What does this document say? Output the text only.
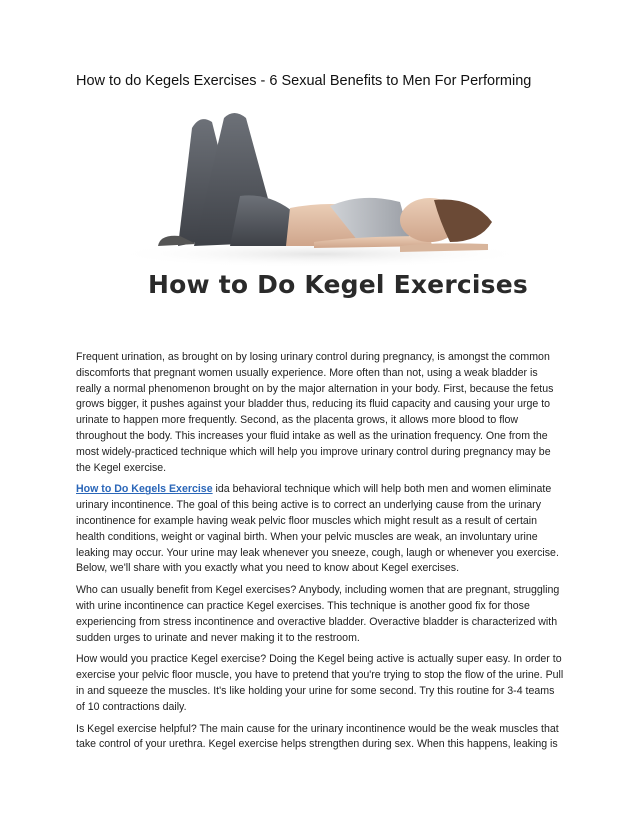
How to do Kegels Exercises - 6 Sexual Benefits to Men For Performing
How to Do Kegel Exercises

Frequent urination, as brought on by losing urinary control during pregnancy, is amongst the common discomforts that pregnant women usually experience. More often than not, using a weak bladder is really a normal phenomenon brought on by the major alternation in your body. First, because the fetus grows bigger, it pushes against your bladder thus, reducing its fluid capacity and causing your urge to urinate to happen more frequently. Second, as the placenta grows, it allows more blood to flow throughout the body. This increases your fluid intake as well as the urination frequency. One from the most widely-practiced technique which will help you improve urinary control during pregnancy may be the Kegel exercise.

How to Do Kegels Exercise ida behavioral technique which will help both men and women eliminate urinary incontinence. The goal of this being active is to correct an underlying cause from the urinary incontinence for example having weak pelvic floor muscles which might result as a result of certain health conditions, weight or vaginal birth. When your pelvic muscles are weak, an involuntary urine leaking may occur. Your urine may leak whenever you sneeze, cough, laugh or whenever you exercise. Below, we'll share with you exactly what you need to know about Kegel exercises.

Who can usually benefit from Kegel exercises? Anybody, including women that are pregnant, struggling with urine incontinence can practice Kegel exercises. This technique is another good fix for those experiencing from stress incontinence and overactive bladder. Overactive bladder is characterized with sudden urges to urinate and never making it to the restroom.

How would you practice Kegel exercise? Doing the Kegel being active is actually super easy. In order to exercise your pelvic floor muscle, you have to pretend that you're trying to stop the flow of the urine. Pull in and squeeze the muscles. It's like holding your urine for some second. Try this routine for 3-4 teams of 10 contractions daily.

Is Kegel exercise helpful? The main cause for the urinary incontinence would be the weak muscles that take control of your urethra. Kegel exercise helps strengthen during sex. When this happens, leaking is
